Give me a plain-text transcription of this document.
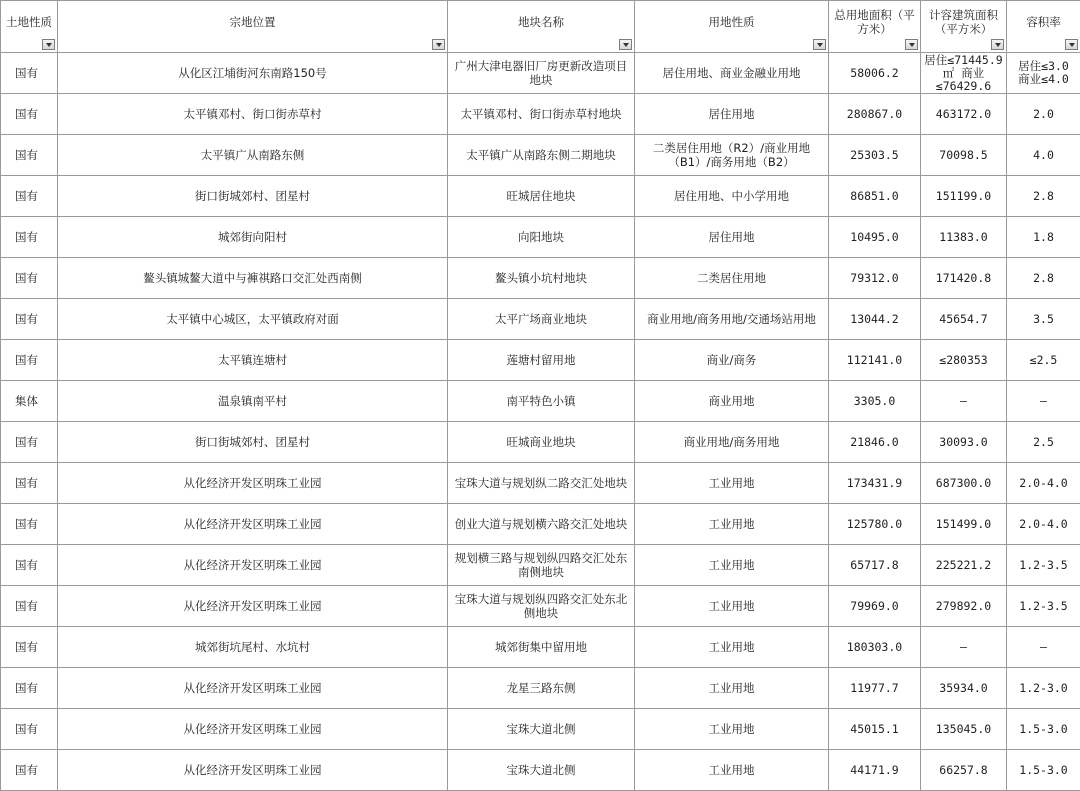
土地性质	宗地位置	地块名称	用地性质	总用地面积（平方米）	计容建筑面积（平方米）	容积率

国有	从化区江埔街河东南路150号	广州大津电器旧厂房更新改造项目地块	居住用地、商业金融业用地	58006.2	居住≤71445.9㎡ 商业≤76429.6	居住≤3.0 商业≤4.0

国有	太平镇邓村、街口街赤草村	太平镇邓村、街口街赤草村地块	居住用地	280867.0	463172.0	2.0

国有	太平镇广从南路东侧	太平镇广从南路东侧二期地块	二类居住用地（R2）/商业用地（B1）/商务用地（B2）	25303.5	70098.5	4.0

国有	街口街城郊村、团星村	旺城居住地块	居住用地、中小学用地	86851.0	151199.0	2.8

国有	城郊街向阳村	向阳地块	居住用地	10495.0	11383.0	1.8

国有	鳌头镇城鳌大道中与褲祺路口交汇处西南侧	鳌头镇小坑村地块	二类居住用地	79312.0	171420.8	2.8

国有	太平镇中心城区，太平镇政府对面	太平广场商业地块	商业用地/商务用地/交通场站用地	13044.2	45654.7	3.5

国有	太平镇连塘村	莲塘村留用地	商业/商务	112141.0	≤280353	≤2.5

集体	温泉镇南平村	南平特色小镇	商业用地	3305.0	—	—

国有	街口街城郊村、团星村	旺城商业地块	商业用地/商务用地	21846.0	30093.0	2.5

国有	从化经济开发区明珠工业园	宝珠大道与规划纵二路交汇处地块	工业用地	173431.9	687300.0	2.0-4.0

国有	从化经济开发区明珠工业园	创业大道与规划横六路交汇处地块	工业用地	125780.0	151499.0	2.0-4.0

国有	从化经济开发区明珠工业园	规划横三路与规划纵四路交汇处东南侧地块	工业用地	65717.8	225221.2	1.2-3.5

国有	从化经济开发区明珠工业园	宝珠大道与规划纵四路交汇处东北侧地块	工业用地	79969.0	279892.0	1.2-3.5

国有	城郊街坑尾村、水坑村	城郊街集中留用地	工业用地	180303.0	—	—

国有	从化经济开发区明珠工业园	龙星三路东侧	工业用地	11977.7	35934.0	1.2-3.0

国有	从化经济开发区明珠工业园	宝珠大道北侧	工业用地	45015.1	135045.0	1.5-3.0

国有	从化经济开发区明珠工业园	宝珠大道北侧	工业用地	44171.9	66257.8	1.5-3.0
